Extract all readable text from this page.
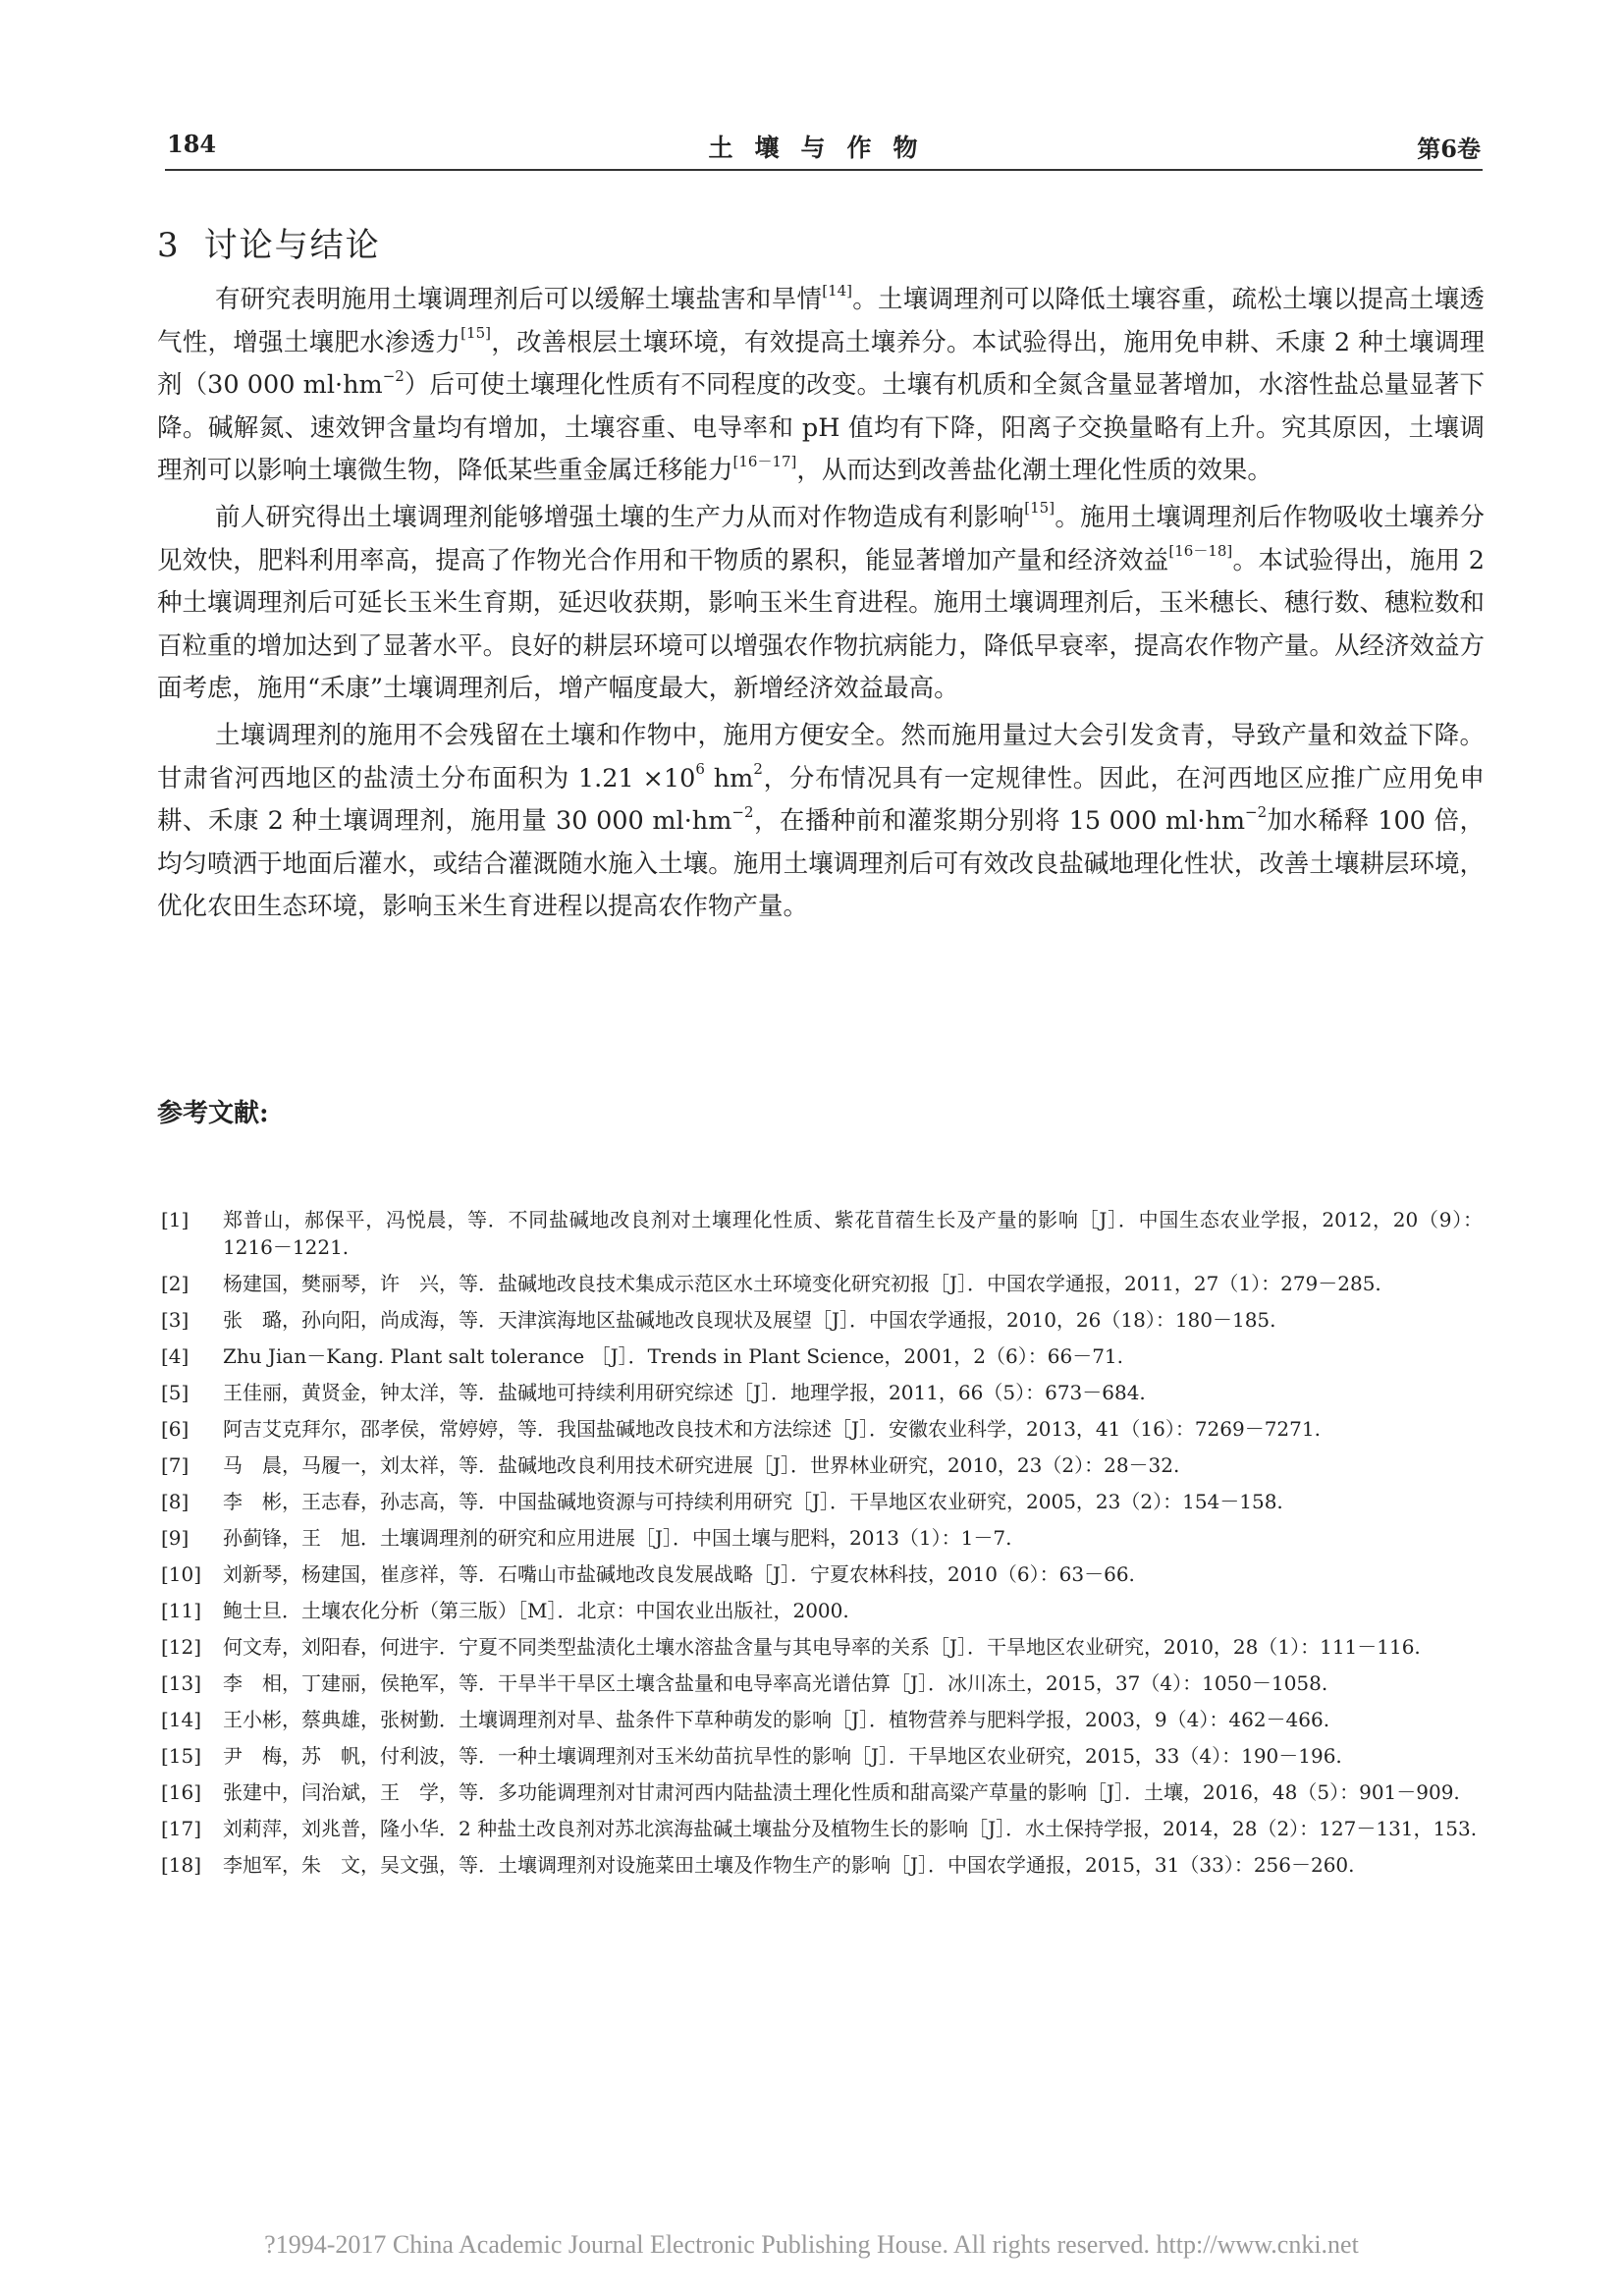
184	土壤与作物	第6卷
3 讨论与结论

有研究表明施用土壤调理剂后可以缓解土壤盐害和旱情[14]。土壤调理剂可以降低土壤容重，疏松土壤以提高土壤透气性，增强土壤肥水渗透力[15]，改善根层土壤环境，有效提高土壤养分。本试验得出，施用免申耕、禾康 2 种土壤调理剂（30 000 $ml\cdot hm^{-2}$）后可使土壤理化性质有不同程度的改变。土壤有机质和全氮含量显著增加，水溶性盐总量显著下降。碱解氮、速效钾含量均有增加，土壤容重、电导率和 pH 值均有下降，阳离子交换量略有上升。究其原因，土壤调理剂可以影响土壤微生物，降低某些重金属迁移能力[16－17]，从而达到改善盐化潮土理化性质的效果。

前人研究得出土壤调理剂能够增强土壤的生产力从而对作物造成有利影响[15]。施用土壤调理剂后作物吸收土壤养分见效快，肥料利用率高，提高了作物光合作用和干物质的累积，能显著增加产量和经济效益[16－18]。本试验得出，施用 2 种土壤调理剂后可延长玉米生育期，延迟收获期，影响玉米生育进程。施用土壤调理剂后，玉米穗长、穗行数、穗粒数和百粒重的增加达到了显著水平。良好的耕层环境可以增强农作物抗病能力，降低早衰率，提高农作物产量。从经济效益方面考虑，施用“禾康”土壤调理剂后，增产幅度最大，新增经济效益最高。

土壤调理剂的施用不会残留在土壤和作物中，施用方便安全。然而施用量过大会引发贪青，导致产量和效益下降。甘肃省河西地区的盐渍土分布面积为 $1.21 \times 10^6$ $hm^2$，分布情况具有一定规律性。因此，在河西地区应推广应用免申耕、禾康 2 种土壤调理剂，施用量 30 000 $ml\cdot hm^{-2}$，在播种前和灌浆期分别将 15 000 $ml\cdot hm^{-2}$加水稀释 100 倍，均匀喷洒于地面后灌水，或结合灌溉随水施入土壤。施用土壤调理剂后可有效改良盐碱地理化性状，改善土壤耕层环境，优化农田生态环境，影响玉米生育进程以提高农作物产量。

参考文献:
[1] 郑普山，郝保平，冯悦晨，等．不同盐碱地改良剂对土壤理化性质、紫花苜蓿生长及产量的影响［J］．中国生态农业学报，2012，20（9）：1216－1221.
[2] 杨建国，樊丽琴，许　兴，等．盐碱地改良技术集成示范区水土环境变化研究初报［J］．中国农学通报，2011，27（1）：279－285.
[3] 张　璐，孙向阳，尚成海，等．天津滨海地区盐碱地改良现状及展望［J］．中国农学通报，2010，26（18）：180－185.
[4] Zhu Jian－Kang. Plant salt tolerance ［J］．Trends in Plant Science，2001，2（6）：66－71.
[5] 王佳丽，黄贤金，钟太洋，等．盐碱地可持续利用研究综述［J］．地理学报，2011，66（5）：673－684.
[6] 阿吉艾克拜尔，邵孝侯，常婷婷，等．我国盐碱地改良技术和方法综述［J］．安徽农业科学，2013，41（16）：7269－7271.
[7] 马　晨，马履一，刘太祥，等．盐碱地改良利用技术研究进展［J］．世界林业研究，2010，23（2）：28－32.
[8] 李　彬，王志春，孙志高，等．中国盐碱地资源与可持续利用研究［J］．干旱地区农业研究，2005，23（2）：154－158.
[9] 孙蓟锋，王　旭．土壤调理剂的研究和应用进展［J］．中国土壤与肥料，2013（1）：1－7.
[10] 刘新琴，杨建国，崔彦祥，等．石嘴山市盐碱地改良发展战略［J］．宁夏农林科技，2010（6）：63－66.
[11] 鲍士旦．土壤农化分析（第三版）［M］．北京：中国农业出版社，2000.
[12] 何文寿，刘阳春，何进宇．宁夏不同类型盐渍化土壤水溶盐含量与其电导率的关系［J］．干旱地区农业研究，2010，28（1）：111－116.
[13] 李　相，丁建丽，侯艳军，等．干旱半干旱区土壤含盐量和电导率高光谱估算［J］．冰川冻土，2015，37（4）：1050－1058.
[14] 王小彬，蔡典雄，张树勤．土壤调理剂对旱、盐条件下草种萌发的影响［J］．植物营养与肥料学报，2003，9（4）：462－466.
[15] 尹　梅，苏　帆，付利波，等．一种土壤调理剂对玉米幼苗抗旱性的影响［J］．干旱地区农业研究，2015，33（4）：190－196.
[16] 张建中，闫治斌，王　学，等．多功能调理剂对甘肃河西内陆盐渍土理化性质和甜高粱产草量的影响［J］．土壤，2016，48（5）：901－909.
[17] 刘莉萍，刘兆普，隆小华．2 种盐土改良剂对苏北滨海盐碱土壤盐分及植物生长的影响［J］．水土保持学报，2014，28（2）：127－131，153.
[18] 李旭军，朱　文，吴文强，等．土壤调理剂对设施菜田土壤及作物生产的影响［J］．中国农学通报，2015，31（33）：256－260.
?1994-2017 China Academic Journal Electronic Publishing House. All rights reserved. http://www.cnki.net
